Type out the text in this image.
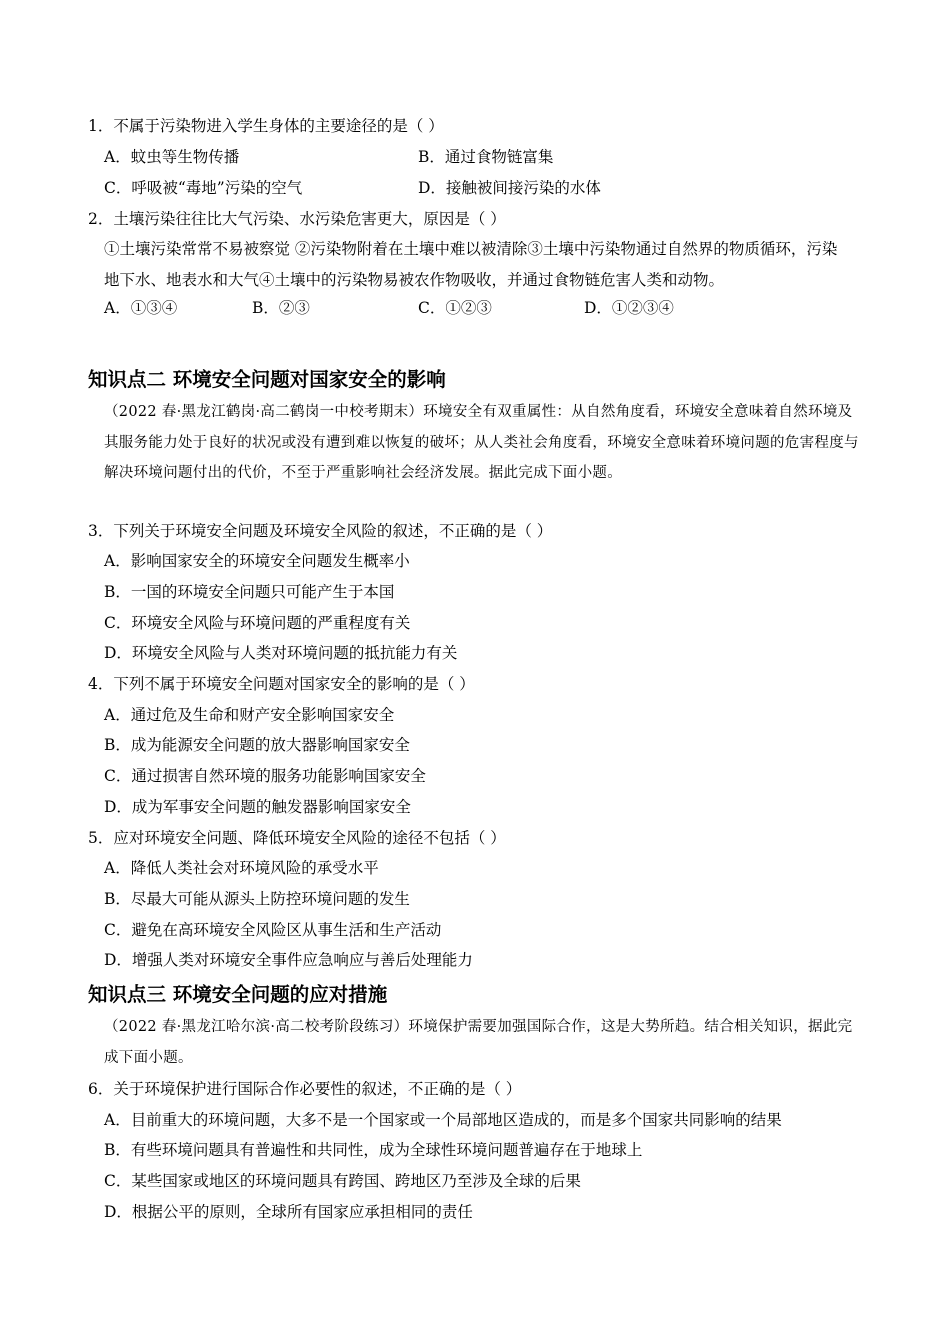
1．不属于污染物进入学生身体的主要途径的是（ ）
A．蚊虫等生物传播	B．通过食物链富集
C．呼吸被“毒地”污染的空气	D．接触被间接污染的水体
2．土壤污染往往比大气污染、水污染危害更大，原因是（ ）
①土壤污染常常不易被察觉 ②污染物附着在土壤中难以被清除③土壤中污染物通过自然界的物质循环，污染地下水、地表水和大气④土壤中的污染物易被农作物吸收，并通过食物链危害人类和动物。
A．①③④	B．②③	C．①②③	D．①②③④
知识点二 环境安全问题对国家安全的影响
（2022 春·黑龙江鹤岗·高二鹤岗一中校考期末）环境安全有双重属性：从自然角度看，环境安全意味着自然环境及其服务能力处于良好的状况或没有遭到难以恢复的破坏；从人类社会角度看，环境安全意味着环境问题的危害程度与解决环境问题付出的代价，不至于严重影响社会经济发展。据此完成下面小题。
3．下列关于环境安全问题及环境安全风险的叙述，不正确的是（ ）
A．影响国家安全的环境安全问题发生概率小
B．一国的环境安全问题只可能产生于本国
C．环境安全风险与环境问题的严重程度有关
D．环境安全风险与人类对环境问题的抵抗能力有关
4．下列不属于环境安全问题对国家安全的影响的是（ ）
A．通过危及生命和财产安全影响国家安全
B．成为能源安全问题的放大器影响国家安全
C．通过损害自然环境的服务功能影响国家安全
D．成为军事安全问题的触发器影响国家安全
5．应对环境安全问题、降低环境安全风险的途径不包括（ ）
A．降低人类社会对环境风险的承受水平
B．尽最大可能从源头上防控环境问题的发生
C．避免在高环境安全风险区从事生活和生产活动
D．增强人类对环境安全事件应急响应与善后处理能力
知识点三 环境安全问题的应对措施
（2022 春·黑龙江哈尔滨·高二校考阶段练习）环境保护需要加强国际合作，这是大势所趋。结合相关知识，据此完成下面小题。
6．关于环境保护进行国际合作必要性的叙述，不正确的是（ ）
A．目前重大的环境问题，大多不是一个国家或一个局部地区造成的，而是多个国家共同影响的结果
B．有些环境问题具有普遍性和共同性，成为全球性环境问题普遍存在于地球上
C．某些国家或地区的环境问题具有跨国、跨地区乃至涉及全球的后果
D．根据公平的原则，全球所有国家应承担相同的责任
